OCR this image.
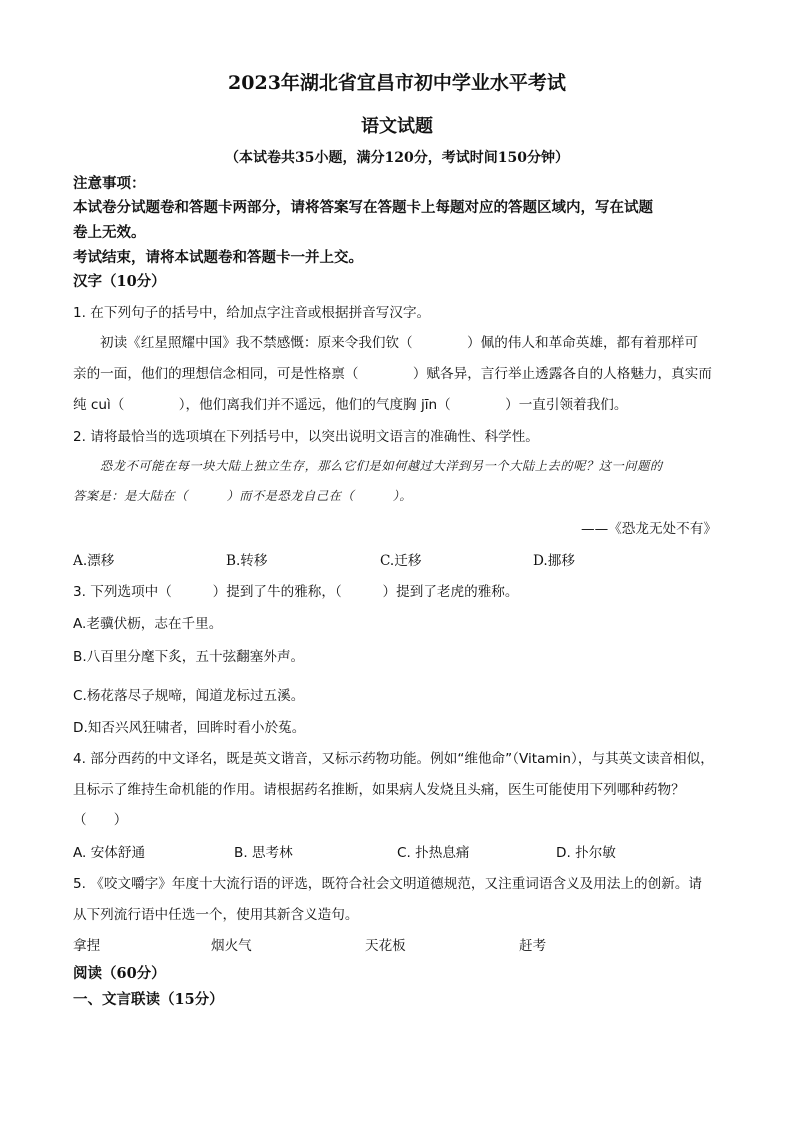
2023年湖北省宜昌市初中学业水平考试
语文试题
（本试卷共35小题，满分120分，考试时间150分钟）
注意事项：
本试卷分试题卷和答题卡两部分，请将答案写在答题卡上每题对应的答题区域内，写在试题
卷上无效。
考试结束，请将本试题卷和答题卡一并上交。
汉字（10分）
1. 在下列句子的括号中，给加点字注音或根据拼音写汉字。
初读《红星照耀中国》我不禁感慨：原来令我们钦（　　　　）佩的伟人和革命英雄，都有着那样可
亲的一面，他们的理想信念相同，可是性格禀（　　　　）赋各异，言行举止透露各自的人格魅力，真实而
纯 cuì（　　　　），他们离我们并不遥远，他们的气度胸 jīn（　　　　）一直引领着我们。
2. 请将最恰当的选项填在下列括号中，以突出说明文语言的准确性、科学性。
恐龙不可能在每一块大陆上独立生存，那么它们是如何越过大洋到另一个大陆上去的呢？这一问题的
答案是：是大陆在（　　　）而不是恐龙自己在（　　　）。
——《恐龙无处不有》
A.漂移	B.转移	C.迁移	D.挪移
3. 下列选项中（　　　）提到了牛的雅称，（　　　）提到了老虎的雅称。
A.老骥伏枥，志在千里。
B.八百里分麾下炙，五十弦翻塞外声。
C.杨花落尽子规啼，闻道龙标过五溪。
D.知否兴风狂啸者，回眸时看小於菟。
4. 部分西药的中文译名，既是英文谐音，又标示药物功能。例如“维他命”（Vitamin），与其英文读音相似，
且标示了维持生命机能的作用。请根据药名推断，如果病人发烧且头痛，医生可能使用下列哪种药物？
（　　）
A. 安体舒通	B. 思考林	C. 扑热息痛	D. 扑尔敏
5. 《咬文嚼字》年度十大流行语的评选，既符合社会文明道德规范，又注重词语含义及用法上的创新。请
从下列流行语中任选一个，使用其新含义造句。
拿捏	烟火气	天花板	赶考
阅读（60分）
一、文言联读（15分）
